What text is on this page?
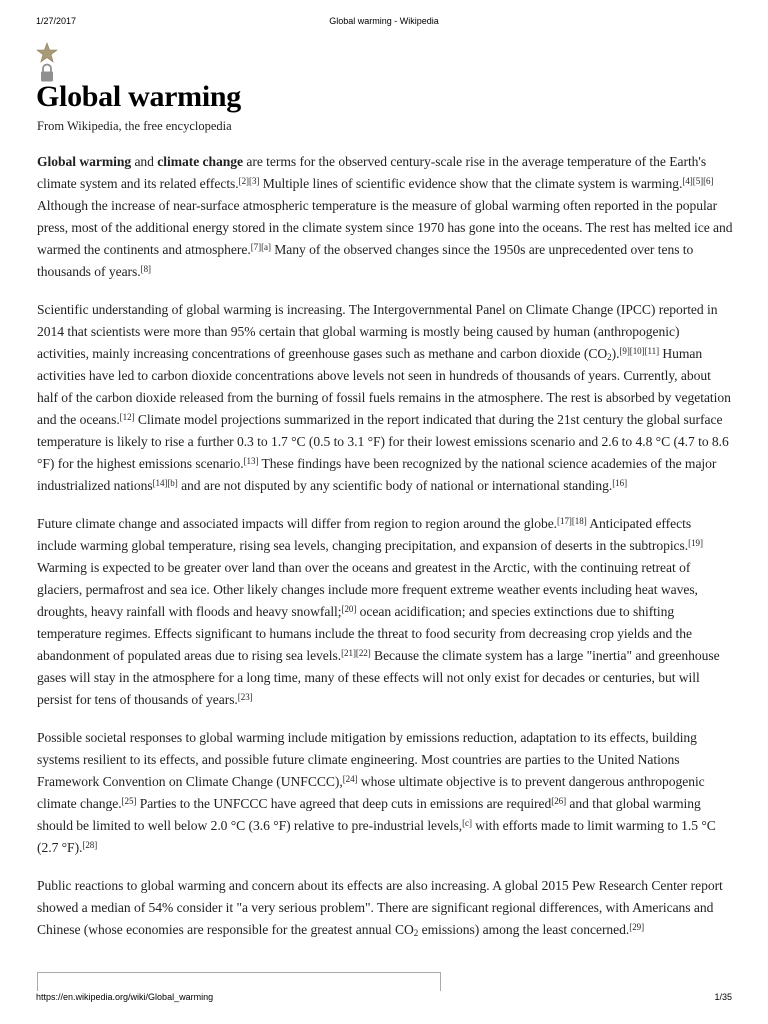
1/27/2017	Global warming - Wikipedia
Global warming
From Wikipedia, the free encyclopedia

Global warming and climate change are terms for the observed century-scale rise in the average temperature of the Earth's climate system and its related effects.[2][3] Multiple lines of scientific evidence show that the climate system is warming.[4][5][6] Although the increase of near-surface atmospheric temperature is the measure of global warming often reported in the popular press, most of the additional energy stored in the climate system since 1970 has gone into the oceans. The rest has melted ice and warmed the continents and atmosphere.[7][a] Many of the observed changes since the 1950s are unprecedented over tens to thousands of years.[8]

Scientific understanding of global warming is increasing. The Intergovernmental Panel on Climate Change (IPCC) reported in 2014 that scientists were more than 95% certain that global warming is mostly being caused by human (anthropogenic) activities, mainly increasing concentrations of greenhouse gases such as methane and carbon dioxide $(CO_2).[9][10][11]$ Human activities have led to carbon dioxide concentrations above levels not seen in hundreds of thousands of years. Currently, about half of the carbon dioxide released from the burning of fossil fuels remains in the atmosphere. The rest is absorbed by vegetation and the oceans.[12] Climate model projections summarized in the report indicated that during the 21st century the global surface temperature is likely to rise a further 0.3 to 1.7 °C (0.5 to 3.1 °F) for their lowest emissions scenario and 2.6 to 4.8 °C (4.7 to 8.6 °F) for the highest emissions scenario.[13] These findings have been recognized by the national science academies of the major industrialized nations[14][b] and are not disputed by any scientific body of national or international standing.[16]

Future climate change and associated impacts will differ from region to region around the globe.[17][18] Anticipated effects include warming global temperature, rising sea levels, changing precipitation, and expansion of deserts in the subtropics.[19] Warming is expected to be greater over land than over the oceans and greatest in the Arctic, with the continuing retreat of glaciers, permafrost and sea ice. Other likely changes include more frequent extreme weather events including heat waves, droughts, heavy rainfall with floods and heavy snowfall;[20] ocean acidification; and species extinctions due to shifting temperature regimes. Effects significant to humans include the threat to food security from decreasing crop yields and the abandonment of populated areas due to rising sea levels.[21][22] Because the climate system has a large "inertia" and greenhouse gases will stay in the atmosphere for a long time, many of these effects will not only exist for decades or centuries, but will persist for tens of thousands of years.[23]

Possible societal responses to global warming include mitigation by emissions reduction, adaptation to its effects, building systems resilient to its effects, and possible future climate engineering. Most countries are parties to the United Nations Framework Convention on Climate Change (UNFCCC),[24] whose ultimate objective is to prevent dangerous anthropogenic climate change.[25] Parties to the UNFCCC have agreed that deep cuts in emissions are required[26] and that global warming should be limited to well below 2.0 °C (3.6 °F) relative to pre-industrial levels,[c] with efforts made to limit warming to 1.5 °C (2.7 °F).[28]

Public reactions to global warming and concern about its effects are also increasing. A global 2015 Pew Research Center report showed a median of 54% consider it "a very serious problem". There are significant regional differences, with Americans and Chinese (whose economies are responsible for the greatest annual $CO_2$ emissions) among the least concerned.[29]

https://en.wikipedia.org/wiki/Global_warming	1/35
